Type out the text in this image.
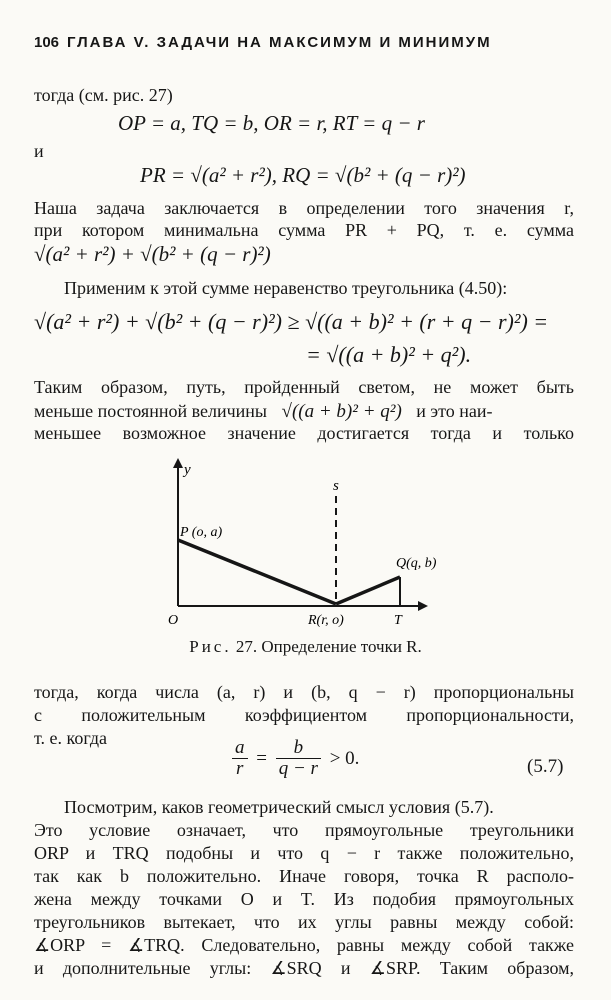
106 ГЛАВА V. ЗАДАЧИ НА МАКСИМУМ И МИНИМУМ
тогда (см. рис. 27)
OP = a, TQ = b, OR = r, RT = q − r
и
PR = √(a² + r²), RQ = √(b² + (q − r)²)
Наша задача заключается в определении того значения r,
при котором минимальна сумма PR + PQ, т. е. сумма
√(a² + r²) + √(b² + (q − r)²)
Применим к этой сумме неравенство треугольника (4.50):
√(a² + r²) + √(b² + (q − r)²) ≥ √((a + b)² + (r + q − r)²) =
= √((a + b)² + q²).
Таким образом, путь, пройденный светом, не может быть
меньше постоянной величины √((a + b)² + q²) и это наи-
меньшее возможное значение достигается тогда и только
y
s
P (o, a)
Q(q, b)
O	R(r, o)	T
Рис. 27. Определение точки R.
тогда, когда числа (a, r) и (b, q − r) пропорциональны
с положительным коэффициентом пропорциональности,
т. е. когда	$\frac{a}{r} = \frac{b}{q - r} > 0$.	(5.7)
Посмотрим, каков геометрический смысл условия (5.7).
Это условие означает, что прямоугольные треугольники
ORP и TRQ подобны и что q − r также положительно,
так как b положительно. Иначе говоря, точка R располо-
жена между точками O и T. Из подобия прямоугольных
треугольников вытекает, что их углы равны между собой:
∡ORP = ∡TRQ. Следовательно, равны между собой также
и дополнительные углы: ∡SRQ и ∡SRP. Таким образом,
